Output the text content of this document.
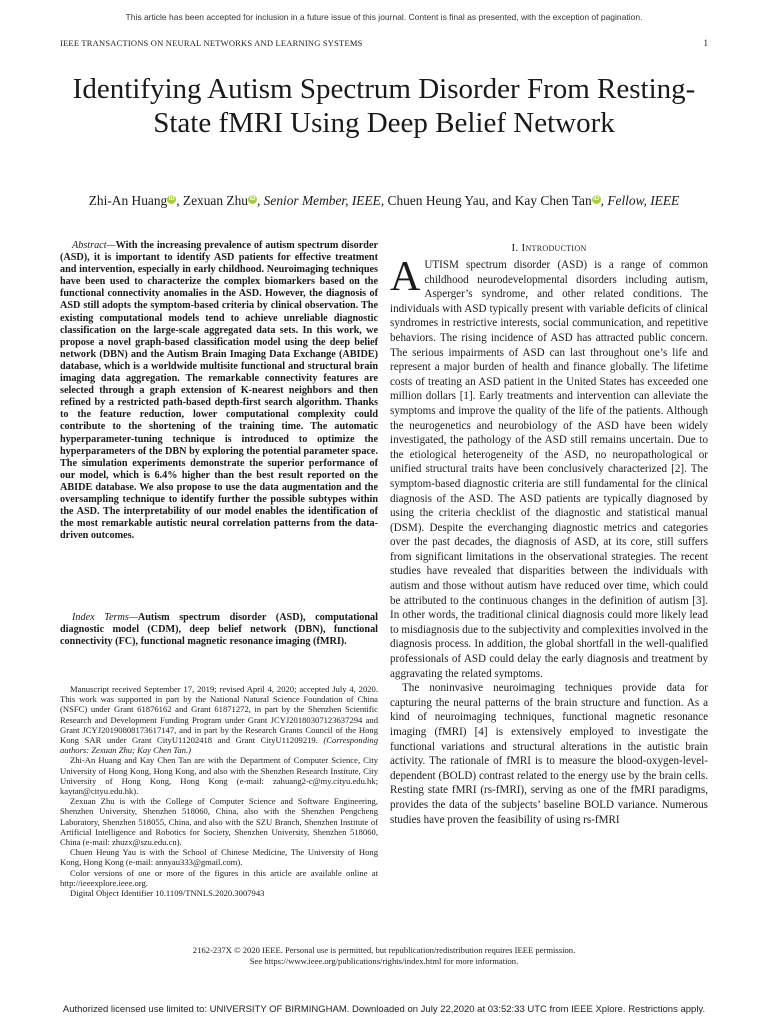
This article has been accepted for inclusion in a future issue of this journal. Content is final as presented, with the exception of pagination.
IEEE TRANSACTIONS ON NEURAL NETWORKS AND LEARNING SYSTEMS	1
Identifying Autism Spectrum Disorder From Resting-State fMRI Using Deep Belief Network
Zhi-An Huang iD , Zexuan Zhu iD , Senior Member, IEEE, Chuen Heung Yau, and Kay Chen Tan iD , Fellow, IEEE
Abstract—With the increasing prevalence of autism spectrum disorder (ASD), it is important to identify ASD patients for effective treatment and intervention, especially in early childhood. Neuroimaging techniques have been used to characterize the complex biomarkers based on the functional connectivity anomalies in the ASD. However, the diagnosis of ASD still adopts the symptom-based criteria by clinical observation. The existing computational models tend to achieve unreliable diagnostic classification on the large-scale aggregated data sets. In this work, we propose a novel graph-based classification model using the deep belief network (DBN) and the Autism Brain Imaging Data Exchange (ABIDE) database, which is a worldwide multisite functional and structural brain imaging data aggregation. The remarkable connectivity features are selected through a graph extension of K-nearest neighbors and then refined by a restricted path-based depth-first search algorithm. Thanks to the feature reduction, lower computational complexity could contribute to the shortening of the training time. The automatic hyperparameter-tuning technique is introduced to optimize the hyperparameters of the DBN by exploring the potential parameter space. The simulation experiments demonstrate the superior performance of our model, which is 6.4% higher than the best result reported on the ABIDE database. We also propose to use the data augmentation and the oversampling technique to identify further the possible subtypes within the ASD. The interpretability of our model enables the identification of the most remarkable autistic neural correlation patterns from the data-driven outcomes.
Index Terms—Autism spectrum disorder (ASD), computational diagnostic model (CDM), deep belief network (DBN), functional connectivity (FC), functional magnetic resonance imaging (fMRI).

Manuscript received September 17, 2019; revised April 4, 2020; accepted July 4, 2020. This work was supported in part by the National Natural Science Foundation of China (NSFC) under Grant 61876162 and Grant 61871272, in part by the Shenzhen Scientific Research and Development Funding Program under Grant JCYJ20180307123637294 and Grant JCYJ20190808173617147, and in part by the Research Grants Council of the Hong Kong SAR under Grant CityU11202418 and Grant CityU11209219. (Corresponding authors: Zexuan Zhu; Kay Chen Tan.)

Zhi-An Huang and Kay Chen Tan are with the Department of Computer Science, City University of Hong Kong, Hong Kong, and also with the Shenzhen Research Institute, City University of Hong Kong, Hong Kong (e-mail: zahuang2-c@my.cityu.edu.hk; kaytan@cityu.edu.hk).

Zexuan Zhu is with the College of Computer Science and Software Engineering, Shenzhen University, Shenzhen 518060, China, also with the Shenzhen Pengcheng Laboratory, Shenzhen 518055, China, and also with the SZU Branch, Shenzhen Institute of Artificial Intelligence and Robotics for Society, Shenzhen University, Shenzhen 518060, China (e-mail: zhuzx@szu.edu.cn).

Chuen Heung Yau is with the School of Chinese Medicine, The University of Hong Kong, Hong Kong (e-mail: annyau333@gmail.com).

Color versions of one or more of the figures in this article are available online at http://ieeexplore.ieee.org.

Digital Object Identifier 10.1109/TNNLS.2020.3007943

I. Introduction

AUTISM spectrum disorder (ASD) is a range of common childhood neurodevelopmental disorders including autism, Asperger’s syndrome, and other related conditions. The individuals with ASD typically present with variable deficits of clinical syndromes in restrictive interests, social communication, and repetitive behaviors. The rising incidence of ASD has attracted public concern. The serious impairments of ASD can last throughout one’s life and represent a major burden of health and finance globally. The lifetime costs of treating an ASD patient in the United States has exceeded one million dollars [1]. Early treatments and intervention can alleviate the symptoms and improve the quality of the life of the patients. Although the neurogenetics and neurobiology of the ASD have been widely investigated, the pathology of the ASD still remains uncertain. Due to the etiological heterogeneity of the ASD, no neuropathological or unified structural traits have been conclusively characterized [2]. The symptom-based diagnostic criteria are still fundamental for the clinical diagnosis of the ASD. The ASD patients are typically diagnosed by using the criteria checklist of the diagnostic and statistical manual (DSM). Despite the everchanging diagnostic metrics and categories over the past decades, the diagnosis of ASD, at its core, still suffers from significant limitations in the observational strategies. The recent studies have revealed that disparities between the individuals with autism and those without autism have reduced over time, which could be attributed to the continuous changes in the definition of autism [3]. In other words, the traditional clinical diagnosis could more likely lead to misdiagnosis due to the subjectivity and complexities involved in the diagnosis process. In addition, the global shortfall in the well-qualified professionals of ASD could delay the early diagnosis and treatment by aggravating the related symptoms.

The noninvasive neuroimaging techniques provide data for capturing the neural patterns of the brain structure and function. As a kind of neuroimaging techniques, functional magnetic resonance imaging (fMRI) [4] is extensively employed to investigate the functional variations and structural alterations in the autistic brain activity. The rationale of fMRI is to measure the blood-oxygen-level-dependent (BOLD) contrast related to the energy use by the brain cells. Resting state fMRI (rs-fMRI), serving as one of the fMRI paradigms, provides the data of the subjects’ baseline BOLD variance. Numerous studies have proven the feasibility of using rs-fMRI

2162-237X © 2020 IEEE. Personal use is permitted, but republication/redistribution requires IEEE permission.
See https://www.ieee.org/publications/rights/index.html for more information.
Authorized licensed use limited to: UNIVERSITY OF BIRMINGHAM. Downloaded on July 22,2020 at 03:52:33 UTC from IEEE Xplore. Restrictions apply.
